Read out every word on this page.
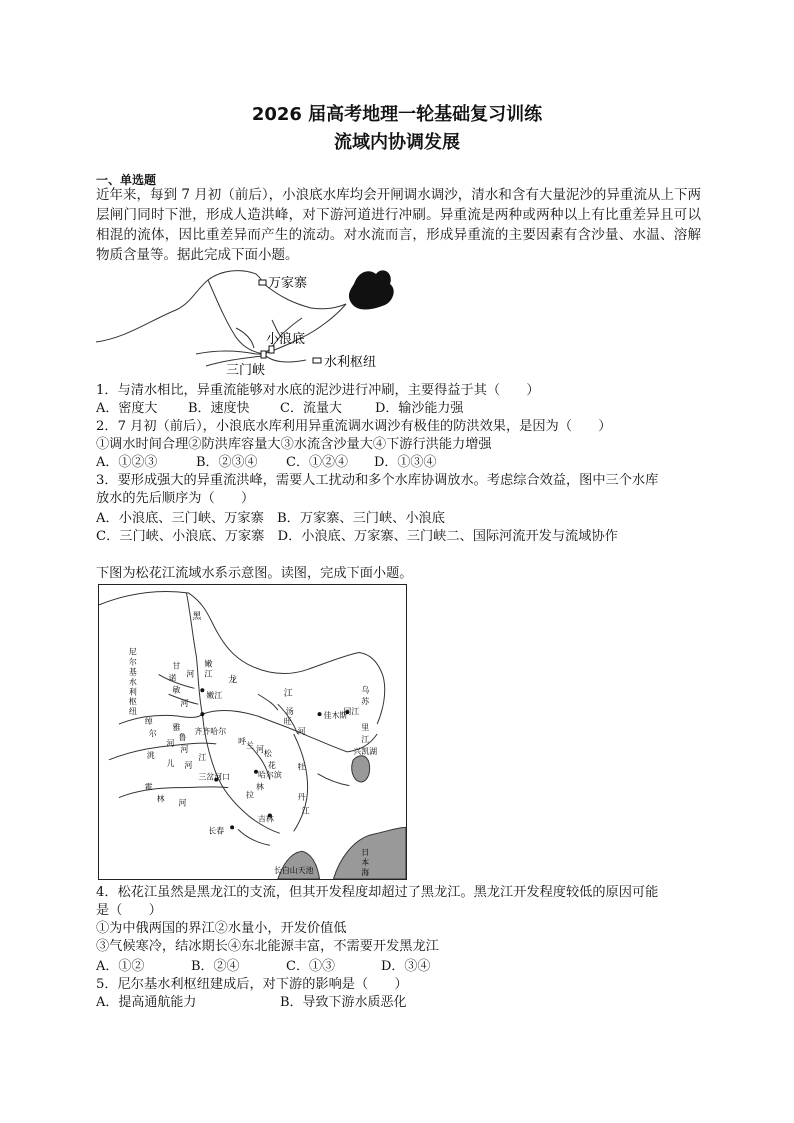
2026 届高考地理一轮基础复习训练
流域内协调发展
一、单选题
近年来，每到 7 月初（前后），小浪底水库均会开闸调水调沙，清水和含有大量泥沙的异重流从上下两层闸门同时下泄，形成人造洪峰，对下游河道进行冲刷。异重流是两种或两种以上有比重差异且可以相混的流体，因比重差异而产生的流动。对水流而言，形成异重流的主要因素有含沙量、水温、溶解物质含量等。据此完成下面小题。
万家寨
小浪底
三门峡
水利枢纽
1．与清水相比，异重流能够对水底的泥沙进行冲刷，主要得益于其（　　）
A．密度大 B．速度快 C．流量大	D．输沙能力强
2．7 月初（前后），小浪底水库利用异重流调水调沙有极佳的防洪效果，是因为（　　）
①调水时间合理②防洪库容量大③水流含沙量大④下游行洪能力增强
A．①②③	B．②③④ C．①②④ D．①③④
3．要形成强大的异重流洪峰，需要人工扰动和多个水库协调放水。考虑综合效益，图中三个水库
放水的先后顺序为（　　）
A．小浪底、三门峡、万家寨　B．万家寨、三门峡、小浪底
C．三门峡、小浪底、万家寨　D．小浪底、万家寨、三门峡二、国际河流开发与流域协作
下图为松花江流域水系示意图。读图，完成下面小题。
黑
龙
江
嫩
江
尼
尔
基
水
利
枢
纽
甘
诺
敏
河
河
嫩江
绰
尔
洮
儿
雅
鲁
河
河
河
齐齐哈尔
江
霍
林 河
三岔河口
汤
旺
河
呼 兰 河
佳木斯
松
花
同江
乌
苏
里
江
兴凯湖
牡
丹
江
哈尔滨
拉
林
吉林
长春
长白山天池
日
本
海
4．松花江虽然是黑龙江的支流，但其开发程度却超过了黑龙江。黑龙江开发程度较低的原因可能
是（　　）
①为中俄两国的界江②水量小，开发价值低
③气候寒冷，结冰期长④东北能源丰富，不需要开发黑龙江
A．①②	B．②④	C．①③	D．③④
5．尼尔基水利枢纽建成后，对下游的影响是（　　）
A．提高通航能力	B．导致下游水质恶化
